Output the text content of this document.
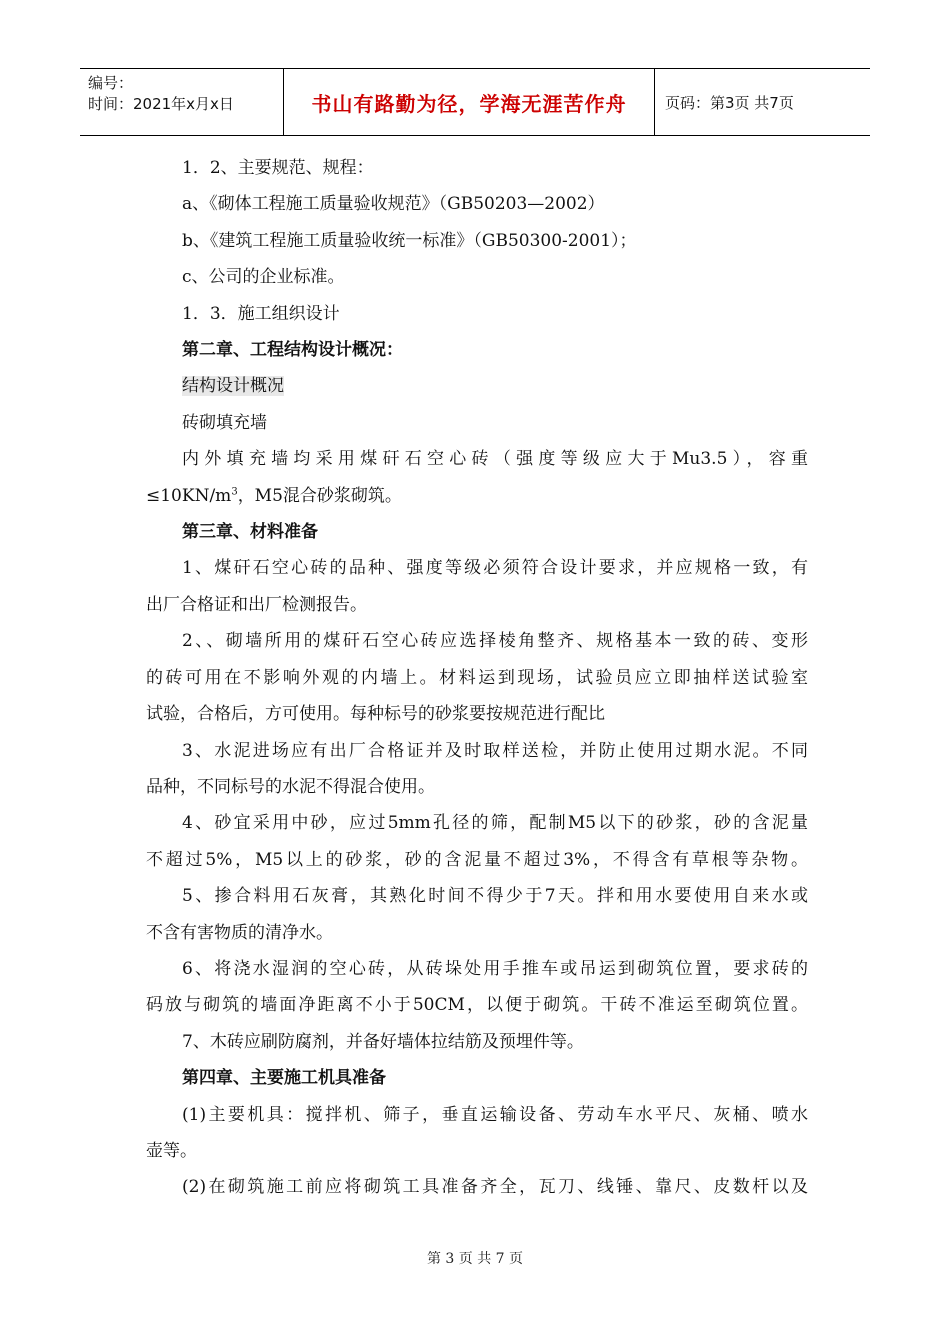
编号：
时间：2021年x月x日	书山有路勤为径，学海无涯苦作舟	页码：第3页 共7页

1．2、主要规范、规程：

a、《砌体工程施工质量验收规范》（GB50203—2002）

b、《建筑工程施工质量验收统一标准》（GB50300-2001）；

c、公司的企业标准。

1．3．施工组织设计

第二章、工程结构设计概况：

结构设计概况

砖砌填充墙

内外填充墙均采用煤矸石空心砖（强度等级应大于Mu3.5），容重

$\le 10KN/m^3$，M5混合砂浆砌筑。

第三章、材料准备

1、煤矸石空心砖的品种、强度等级必须符合设计要求，并应规格一致，有

出厂合格证和出厂检测报告。

2、、砌墙所用的煤矸石空心砖应选择棱角整齐、规格基本一致的砖、变形

的砖可用在不影响外观的内墙上。材料运到现场，试验员应立即抽样送试验室

试验，合格后，方可使用。每种标号的砂浆要按规范进行配比

3、水泥进场应有出厂合格证并及时取样送检，并防止使用过期水泥。不同

品种，不同标号的水泥不得混合使用。

4、砂宜采用中砂，应过5mm孔径的筛，配制M5以下的砂浆，砂的含泥量

不超过5%，M5以上的砂浆，砂的含泥量不超过3%，不得含有草根等杂物。

5、掺合料用石灰膏，其熟化时间不得少于7天。拌和用水要使用自来水或

不含有害物质的清净水。

6、将浇水湿润的空心砖，从砖垛处用手推车或吊运到砌筑位置，要求砖的

码放与砌筑的墙面净距离不小于50CM，以便于砌筑。干砖不准运至砌筑位置。

7、木砖应刷防腐剂，并备好墙体拉结筋及预埋件等。

第四章、主要施工机具准备

(1)主要机具：搅拌机、筛子，垂直运输设备、劳动车水平尺、灰桶、喷水

壶等。

(2)在砌筑施工前应将砌筑工具准备齐全，瓦刀、线锤、靠尺、皮数杆以及

第 3 页 共 7 页
